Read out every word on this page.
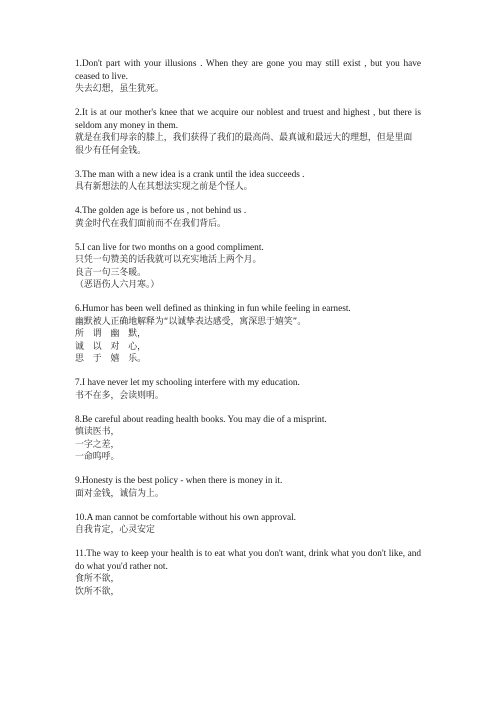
1.Don't part with your illusions . When they are gone you may still exist , but you have ceased to live.
失去幻想，虽生犹死。
2.It is at our mother's knee that we acquire our noblest and truest and highest , but there is seldom any money in them.
就是在我们母亲的膝上，我们获得了我们的最高尚、最真诚和最远大的理想，但是里面很少有任何金钱。
3.The man with a new idea is a crank until the idea succeeds .
具有新想法的人在其想法实现之前是个怪人。
4.The golden age is before us , not behind us .
黄金时代在我们面前而不在我们背后。
5.I can live for two months on a good compliment.
只凭一句赞美的话我就可以充实地活上两个月。
良言一句三冬暖。
（恶语伤人六月寒。）
6.Humor has been well defined as thinking in fun while feeling in earnest.
幽默被人正确地解释为“以诚挚表达感受，寓深思于嬉笑”。
所　谓　幽　默，
诚　以　对　心，
思　于　嬉　乐。
7.I have never let my schooling interfere with my education.
书不在多，会读则明。
8.Be careful about reading health books. You may die of a misprint.
慎读医书，
一字之差，
一命呜呼。
9.Honesty is the best policy - when there is money in it.
面对金钱，诚信为上。
10.A man cannot be comfortable without his own approval.
自我肯定，心灵安定
11.The way to keep your health is to eat what you don't want, drink what you don't like, and do what you'd rather not.
食所不欲，
饮所不欲，
